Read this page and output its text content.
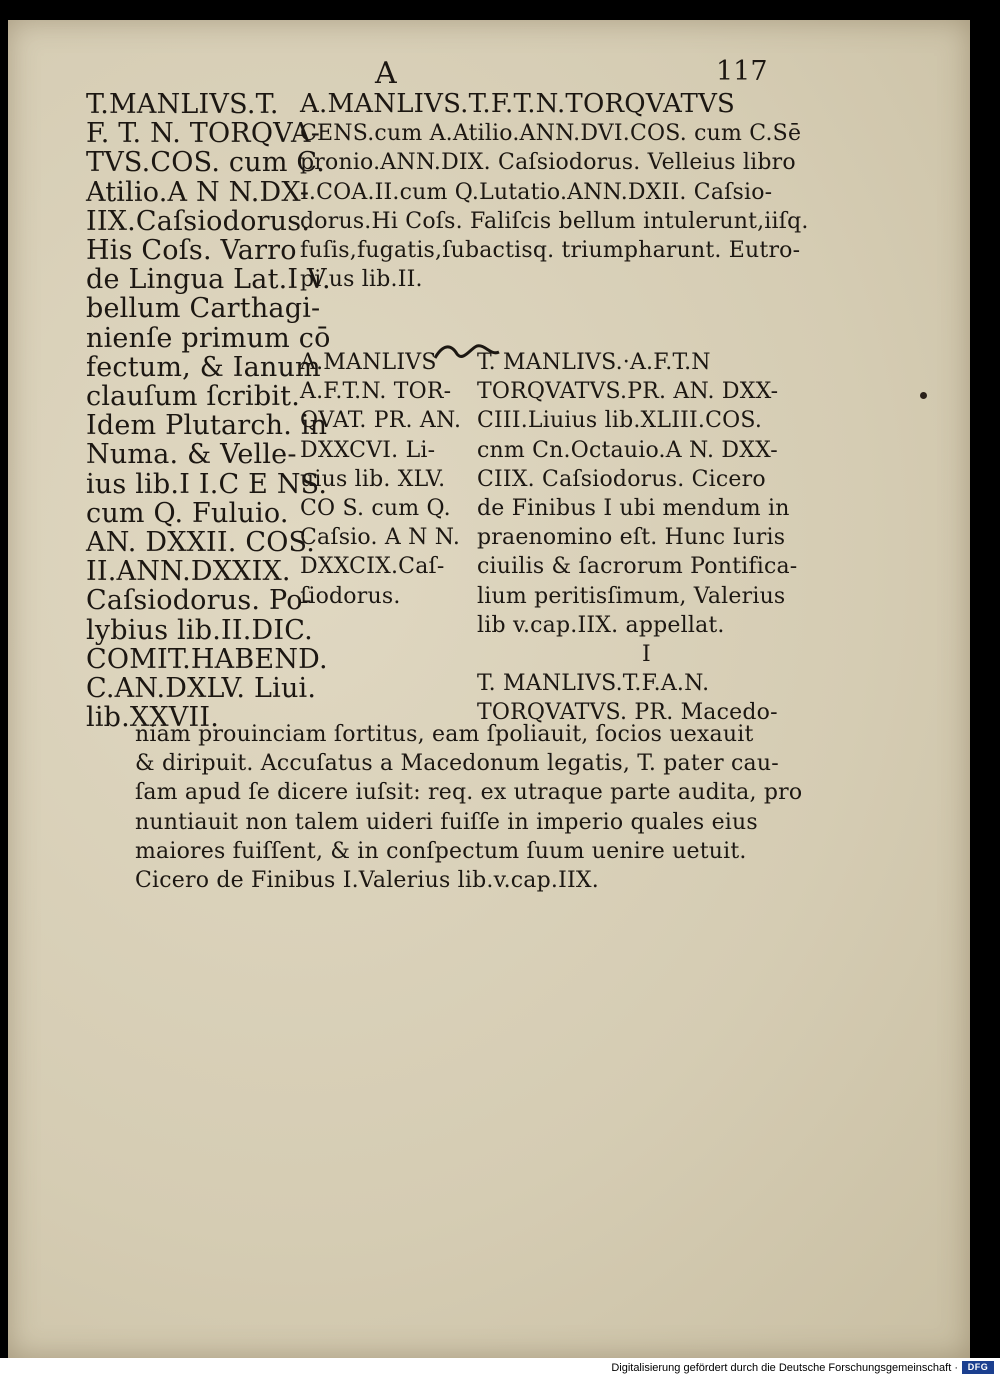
A	117
T.MANLIVS.T.
F. T. N. TORQVA-
TVS.COS. cum C.
Atilio.A N N.DX-
IIX.Caſsiodorus.
His Coſs. Varro
de Lingua Lat.I V.
bellum Carthagi-
nienſe primum cō
fectum, & Ianum
clauſum ſcribit.
Idem Plutarch. in
Numa. & Velle-
ius lib.I I.C E NS.
cum Q. Fuluio.
AN. DXXII. COS.
II.ANN.DXXIX.
Caſsiodorus. Po-
lybius lib.II.DIC.
COMIT.HABEND.
C.AN.DXLV. Liui.
lib.XXVII.
A.MANLIVS.T.F.T.N.TORQVATVS
CENS.cum A.Atilio.ANN.DVI.COS. cum C.Sē
pronio.ANN.DIX. Caſsiodorus. Velleius libro
I.COA.II.cum Q.Lutatio.ANN.DXII. Caſsio-
dorus.Hi Coſs. Faliſcis bellum intulerunt,iiſq.
fuſis,fugatis,ſubactisq. triumpharunt. Eutro-
pi us lib.II.
A.MANLIVS
A.F.T.N. TOR-
QVAT. PR. AN.
DXXCVI. Li-
uius lib. XLV.
CO S. cum Q.
Caſsio. A N N.
DXXCIX.Caſ-
ſiodorus.
T. MANLIVS.·A.F.T.N
TORQVATVS.PR. AN. DXX-
CIII.Liuius lib.XLIII.COS.
cnm Cn.Octauio.A N. DXX-
CIIX. Caſsiodorus. Cicero
de Finibus I ubi mendum in
praenomino eſt. Hunc Iuris
ciuilis & ſacrorum Pontifica-
lium peritisſimum, Valerius
lib v.cap.IIX. appellat.
I
T. MANLIVS.T.F.A.N.
TORQVATVS. PR. Macedo-
niam prouinciam ſortitus, eam ſpoliauit, ſocios uexauit
& diripuit. Accuſatus a Macedonum legatis, T. pater cau-
ſam apud ſe dicere iuſsit: req. ex utraque parte audita, pro
nuntiauit non talem uideri fuiſſe in imperio quales eius
maiores fuiſſent, & in conſpectum ſuum uenire uetuit.
Cicero de Finibus I.Valerius lib.v.cap.IIX.
Digitalisierung gefördert durch die Deutsche Forschungsgemeinschaft ·	DFG
